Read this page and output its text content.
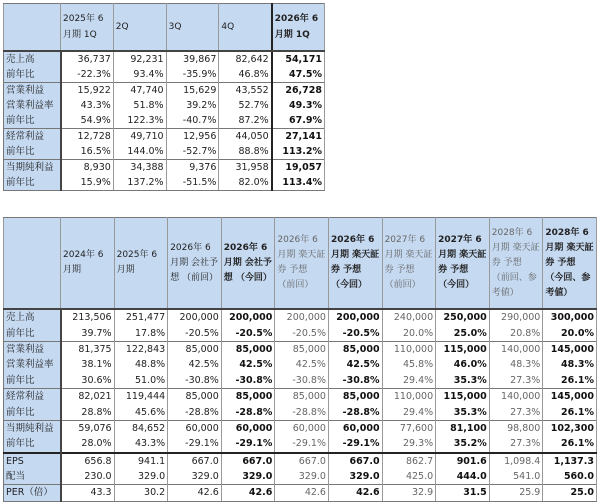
	2025年 6月期 1Q	2Q	3Q	4Q	2026年 6月期 1Q
売上高	36,737	92,231	39,867	82,642	54,171
前年比	-22.3%	93.4%	-35.9%	46.8%	47.5%
営業利益	15,922	47,740	15,629	43,552	26,728
営業利益率	43.3%	51.8%	39.2%	52.7%	49.3%
前年比	54.9%	122.3%	-40.7%	87.2%	67.9%
経常利益	12,728	49,710	12,956	44,050	27,141
前年比	16.5%	144.0%	-52.7%	88.8%	113.2%
当期純利益	8,930	34,388	9,376	31,958	19,057
前年比	15.9%	137.2%	-51.5%	82.0%	113.4%
	2024年 6月期	2025年 6月期	2026年 6月期 会社予想 （前回）	2026年 6月期 会社予想 （今回）	2026年 6月期 楽天証券 予想 （前回）	2026年 6月期 楽天証券 予想 （今回）	2027年 6月期 楽天証券 予想 （前回）	2027年 6月期 楽天証券 予想 （今回）	2028年 6月期 楽天証券 予想 （前回、参考値）	2028年 6月期 楽天証券 予想 （今回、参考値）
売上高	213,506	251,477	200,000	200,000	200,000	200,000	240,000	250,000	290,000	300,000
前年比	39.7%	17.8%	-20.5%	-20.5%	-20.5%	-20.5%	20.0%	25.0%	20.8%	20.0%
営業利益	81,375	122,843	85,000	85,000	85,000	85,000	110,000	115,000	140,000	145,000
営業利益率	38.1%	48.8%	42.5%	42.5%	42.5%	42.5%	45.8%	46.0%	48.3%	48.3%
前年比	30.6%	51.0%	-30.8%	-30.8%	-30.8%	-30.8%	29.4%	35.3%	27.3%	26.1%
経常利益	82,021	119,444	85,000	85,000	85,000	85,000	110,000	115,000	140,000	145,000
前年比	28.8%	45.6%	-28.8%	-28.8%	-28.8%	-28.8%	29.4%	35.3%	27.3%	26.1%
当期純利益	59,076	84,652	60,000	60,000	60,000	60,000	77,600	81,100	98,800	102,300
前年比	28.0%	43.3%	-29.1%	-29.1%	-29.1%	-29.1%	29.3%	35.2%	27.3%	26.1%
EPS	656.8	941.1	667.0	667.0	667.0	667.0	862.7	901.6	1,098.4	1,137.3
配当	230.0	329.0	329.0	329.0	329.0	329.0	425.0	444.0	541.0	560.0
PER（倍）	43.3	30.2	42.6	42.6	42.6	42.6	32.9	31.5	25.9	25.0
